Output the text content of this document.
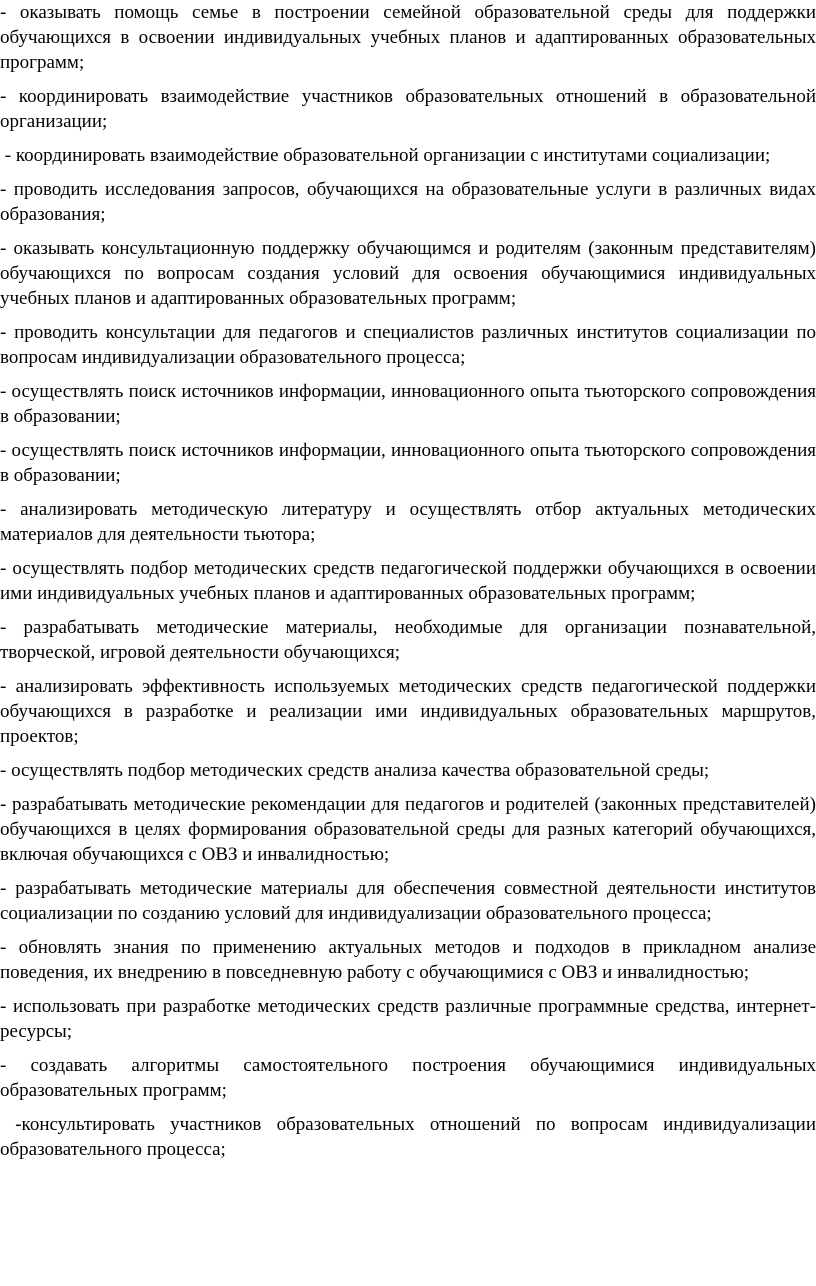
- оказывать помощь семье в построении семейной образовательной среды для поддержки обучающихся в освоении индивидуальных учебных планов и адаптированных образовательных программ;

- координировать взаимодействие участников образовательных отношений в образовательной организации;

- координировать взаимодействие образовательной организации с институтами социализации;

- проводить исследования запросов, обучающихся на образовательные услуги в различных видах образования;

- оказывать консультационную поддержку обучающимся и родителям (законным представителям) обучающихся по вопросам создания условий для освоения обучающимися индивидуальных учебных планов и адаптированных образовательных программ;

- проводить консультации для педагогов и специалистов различных институтов социализации по вопросам индивидуализации образовательного процесса;

- осуществлять поиск источников информации, инновационного опыта тьюторского сопровождения в образовании;

- осуществлять поиск источников информации, инновационного опыта тьюторского сопровождения в образовании;

- анализировать методическую литературу и осуществлять отбор актуальных методических материалов для деятельности тьютора;

- осуществлять подбор методических средств педагогической поддержки обучающихся в освоении ими индивидуальных учебных планов и адаптированных образовательных программ;

- разрабатывать методические материалы, необходимые для организации познавательной, творческой, игровой деятельности обучающихся;

- анализировать эффективность используемых методических средств педагогической поддержки обучающихся в разработке и реализации ими индивидуальных образовательных маршрутов, проектов;

- осуществлять подбор методических средств анализа качества образовательной среды;

- разрабатывать методические рекомендации для педагогов и родителей (законных представителей) обучающихся в целях формирования образовательной среды для разных категорий обучающихся, включая обучающихся с ОВЗ и инвалидностью;

- разрабатывать методические материалы для обеспечения совместной деятельности институтов социализации по созданию условий для индивидуализации образовательного процесса;

- обновлять знания по применению актуальных методов и подходов в прикладном анализе поведения, их внедрению в повседневную работу с обучающимися с ОВЗ и инвалидностью;

- использовать при разработке методических средств различные программные средства, интернет-ресурсы;

- создавать алгоритмы самостоятельного построения обучающимися индивидуальных образовательных программ;

-консультировать участников образовательных отношений по вопросам индивидуализации образовательного процесса;
